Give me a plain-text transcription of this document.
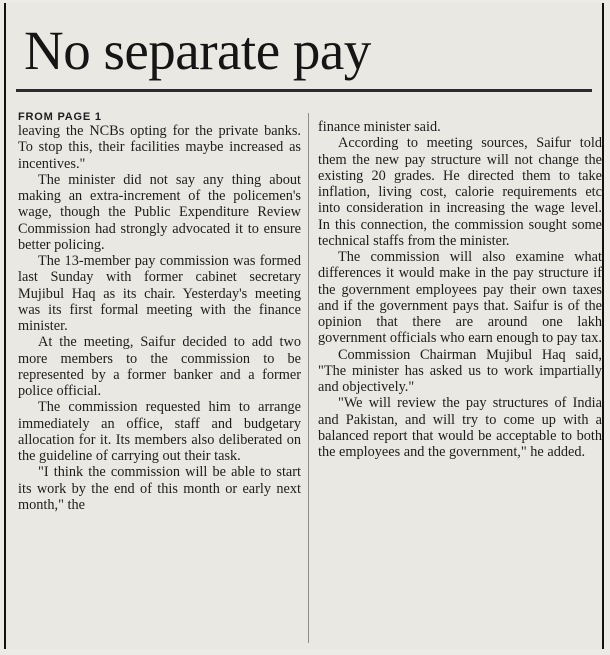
No separate pay
FROM PAGE 1

leaving the NCBs opting for the private banks. To stop this, their facilities maybe increased as incentives."

The minister did not say any thing about making an extra-increment of the policemen's wage, though the Public Expenditure Review Commission had strongly advocated it to ensure better policing.

The 13-member pay commission was formed last Sunday with former cabinet secretary Mujibul Haq as its chair. Yesterday's meeting was its first formal meeting with the finance minister.

At the meeting, Saifur decided to add two more members to the commission to be represented by a former banker and a former police official.

The commission requested him to arrange immediately an office, staff and budgetary allocation for it. Its members also deliberated on the guideline of carrying out their task.

"I think the commission will be able to start its work by the end of this month or early next month," the

finance minister said.

According to meeting sources, Saifur told them the new pay structure will not change the existing 20 grades. He directed them to take inflation, living cost, calorie requirements etc into consideration in increasing the wage level. In this connection, the commission sought some technical staffs from the minister.

The commission will also examine what differences it would make in the pay structure if the government employees pay their own taxes and if the government pays that. Saifur is of the opinion that there are around one lakh government officials who earn enough to pay tax.

Commission Chairman Mujibul Haq said, "The minister has asked us to work impartially and objectively."

"We will review the pay structures of India and Pakistan, and will try to come up with a balanced report that would be acceptable to both the employees and the government," he added.
